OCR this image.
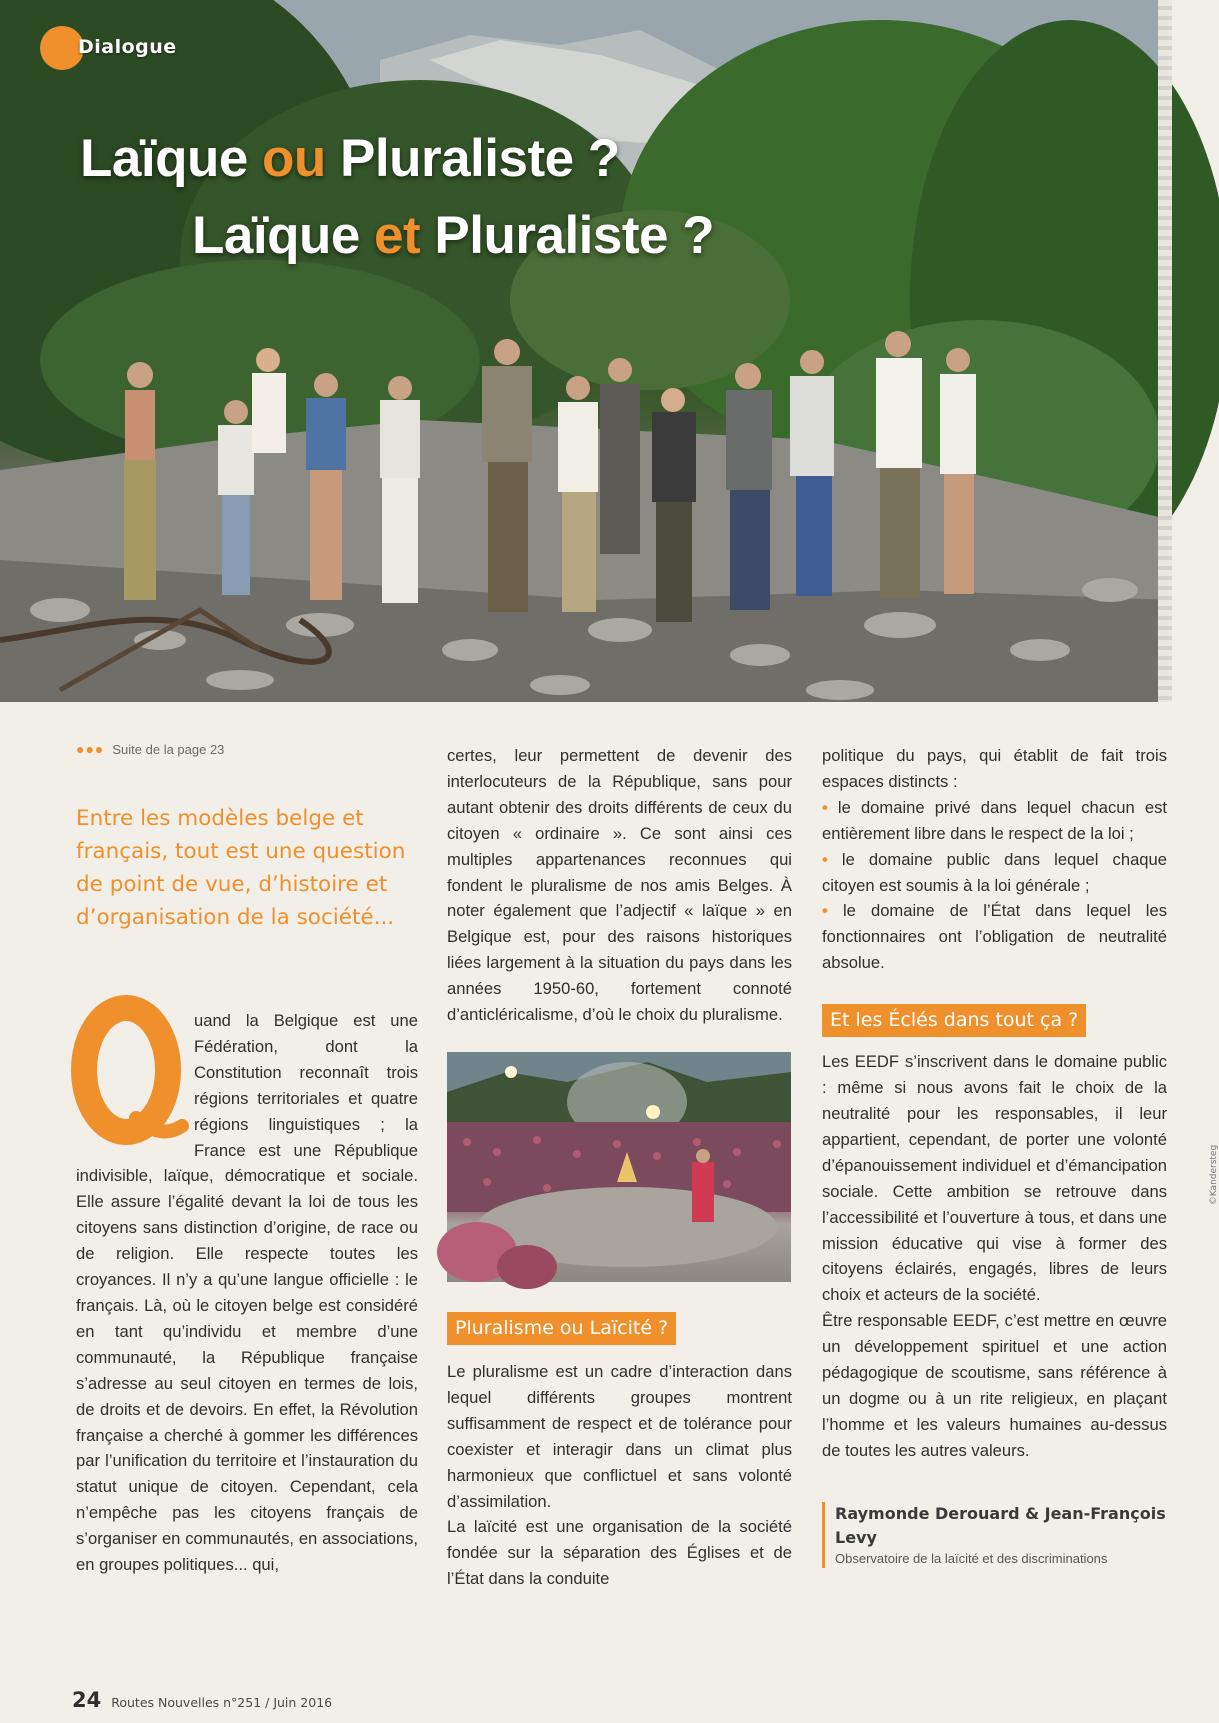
Dialogue
Laïque ou Pluraliste ?
Laïque et Pluraliste ?
●●● Suite de la page 23
Entre les modèles belge et français, tout est une question de point de vue, d’histoire et d’organisation de la société...

uand la Belgique est une Fédération, dont la Constitution reconnaît trois régions territoriales et quatre régions linguistiques ; la France est une République indivisible, laïque, démocratique et sociale. Elle assure l’égalité devant la loi de tous les citoyens sans distinction d’origine, de race ou de religion. Elle respecte toutes les croyances. Il n’y a qu’une langue officielle : le français. Là, où le citoyen belge est considéré en tant qu’individu et membre d’une communauté, la République française s’adresse au seul citoyen en termes de lois, de droits et de devoirs. En effet, la Révolution française a cherché à gommer les différences par l’unification du territoire et l’instauration du statut unique de citoyen. Cependant, cela n’empêche pas les citoyens français de s’organiser en communautés, en associations, en groupes politiques... qui,

certes, leur permettent de devenir des interlocuteurs de la République, sans pour autant obtenir des droits différents de ceux du citoyen « ordinaire ». Ce sont ainsi ces multiples appartenances reconnues qui fondent le pluralisme de nos amis Belges. À noter également que l’adjectif « laïque » en Belgique est, pour des raisons historiques liées largement à la situation du pays dans les années 1950-60, fortement connoté d’anticléricalisme, d’où le choix du pluralisme.

Pluralisme ou Laïcité ?

Le pluralisme est un cadre d’interaction dans lequel différents groupes montrent suffisamment de respect et de tolérance pour coexister et interagir dans un climat plus harmonieux que conflictuel et sans volonté d’assimilation.

La laïcité est une organisation de la société fondée sur la séparation des Églises et de l’État dans la conduite

©Kandersteg

politique du pays, qui établit de fait trois espaces distincts :

• le domaine privé dans lequel chacun est entièrement libre dans le respect de la loi ;

• le domaine public dans lequel chaque citoyen est soumis à la loi générale ;

• le domaine de l’État dans lequel les fonctionnaires ont l’obligation de neutralité absolue.

Et les Éclés dans tout ça ?

Les EEDF s’inscrivent dans le domaine public : même si nous avons fait le choix de la neutralité pour les responsables, il leur appartient, cependant, de porter une volonté d’épanouissement individuel et d’émancipation sociale. Cette ambition se retrouve dans l’accessibilité et l’ouverture à tous, et dans une mission éducative qui vise à former des citoyens éclairés, engagés, libres de leurs choix et acteurs de la société.

Être responsable EEDF, c’est mettre en œuvre un développement spirituel et une action pédagogique de scoutisme, sans référence à un dogme ou à un rite religieux, en plaçant l’homme et les valeurs humaines au-dessus de toutes les autres valeurs.

Raymonde Derouard & Jean-François Levy
Observatoire de la laïcité et des discriminations
24 Routes Nouvelles n°251 / Juin 2016
